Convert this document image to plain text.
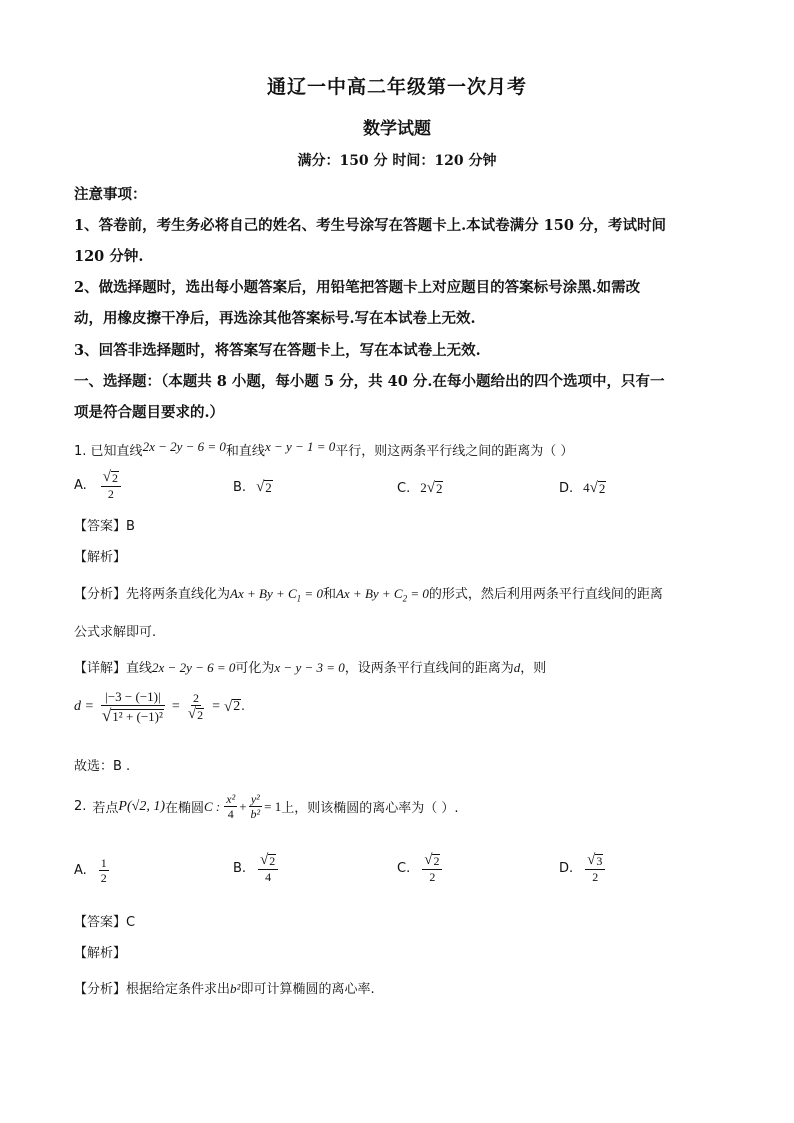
通辽一中高二年级第一次月考
数学试题
满分：150 分 时间：120 分钟
注意事项：
1、答卷前，考生务必将自己的姓名、考生号涂写在答题卡上.本试卷满分 150 分，考试时间
120 分钟.
2、做选择题时，选出每小题答案后，用铅笔把答题卡上对应题目的答案标号涂黑.如需改
动，用橡皮擦干净后，再选涂其他答案标号.写在本试卷上无效.
3、回答非选择题时，将答案写在答题卡上，写在本试卷上无效.
一、选择题：（本题共 8 小题，每小题 5 分，共 40 分.在每小题给出的四个选项中，只有一
项是符合题目要求的.）
1. 已知直线2x − 2y − 6 = 0和直线x − y − 1 = 0平行，则这两条平行线之间的距离为（ ）
A. $\frac{√ 2}{2}$	B. √ 2	C. 2 √ 2	D. 4 √ 2
【答案】B
【解析】
【分析】先将两条直线化为$Ax + By + C_1 = 0$和$Ax + By + C_2 = 0$的形式，然后利用两条平行直线间的距离
公式求解即可.
【详解】直线2x − 2y − 6 = 0可化为x − y − 3 = 0，设两条平行直线间的距离为d，则
$d = \frac{|-3 - (-1)|}{\text{√ 1² + (−1)²}} = \frac{2}{√ 2}$ = √ 2 .
故选：B .
2. 若点 P(√2, 1) 在椭圆 C : $\frac{\text{x²}}{4} + \frac{\text{y²}}{\text{b²}} = 1$ 上，则该椭圆的离心率为（ ）.
A. $\frac{1}{2}$	B. $\frac{√ 2}{4}$	C. $\frac{√ 2}{2}$	D. $\frac{√ 3}{2}$
【答案】C
【解析】
【分析】根据给定条件求出b²即可计算椭圆的离心率.
